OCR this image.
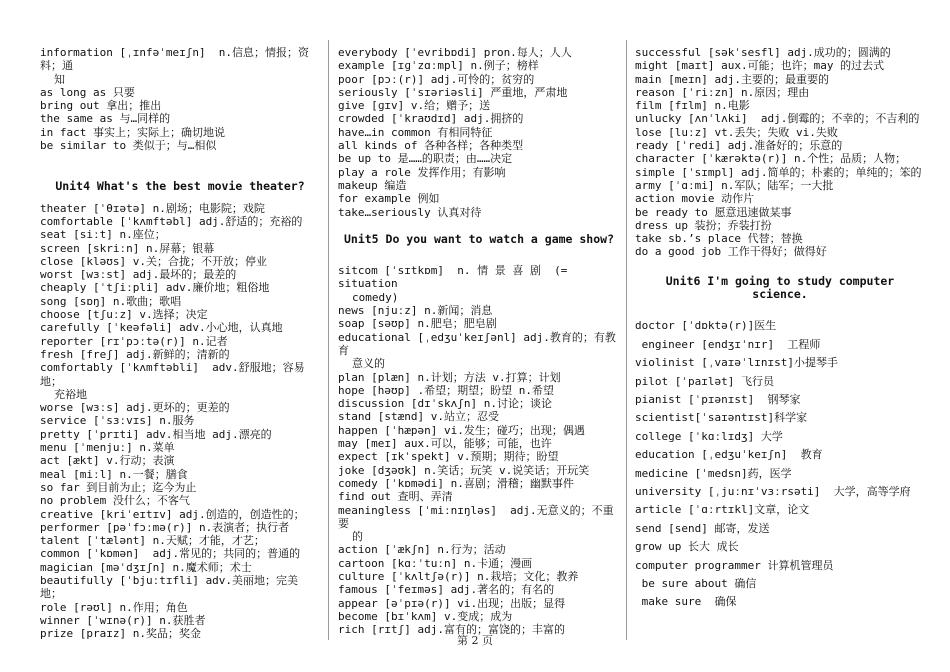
information [ˌɪnfəˈmeɪʃn]  n.信息；情报；资料；通
知
as long as 只要
bring out 拿出；推出
the same as 与…同样的
in fact 事实上；实际上；确切地说
be similar to 类似于；与…相似
Unit4 What's the best movie theater?
theater [ˈθɪətə] n.剧场；电影院；戏院
comfortable [ˈkʌmftəbl] adj.舒适的；充裕的
seat [siːt] n.座位；
screen [skriːn] n.屏幕；银幕
close [kləʊs] v.关；合拢；不开放；停业
worst [wɜːst] adj.最坏的；最差的
cheaply [ˈtʃiːpli] adv.廉价地；粗俗地
song [sɒŋ] n.歌曲；歌唱
choose [tʃuːz] v.选择；决定
carefully [ˈkeəfəli] adv.小心地，认真地
reporter [rɪˈpɔːtə(r)] n.记者
fresh [freʃ] adj.新鲜的；清新的
comfortably [ˈkʌmftəbli]  adv.舒服地；容易地；
充裕地
worse [wɜːs] adj.更坏的；更差的
service [ˈsɜːvɪs] n.服务
pretty [ˈprɪti] adv.相当地 adj.漂亮的
menu [ˈmenjuː] n.菜单
act [ækt] v.行动；表演
meal [miːl] n.一餐；膳食
so far 到目前为止；迄今为止
no problem 没什么；不客气
creative [kriˈeɪtɪv] adj.创造的，创造性的；
performer [pəˈfɔːmə(r)] n.表演者；执行者
talent [ˈtælənt] n.天赋；才能，才艺；
common [ˈkɒmən]  adj.常见的；共同的；普通的
magician [məˈdʒɪʃn] n.魔术师；术士
beautifully [ˈbjuːtɪfli] adv.美丽地；完美地；
role [rəʊl] n.作用；角色
winner [ˈwɪnə(r)] n.获胜者
prize [praɪz] n.奖品；奖金
everybody [ˈevribɒdi] pron.每人；人人
example [ɪɡˈzɑːmpl] n.例子；榜样
poor [pɔː(r)] adj.可怜的；贫穷的
seriously [ˈsɪəriəsli] 严重地，严肃地
give [ɡɪv] v.给；赠予；送
crowded [ˈkraʊdɪd] adj.拥挤的
have…in common 有相同特征
all kinds of 各种各样；各种类型
be up to 是……的职责；由……决定
play a role 发挥作用；有影响
makeup 编造
for example 例如
take…seriously 认真对待
Unit5 Do you want to watch a game show?
sitcom [ˈsɪtkɒm]  n. 情 景 喜 剧  (= situation
comedy)
news [njuːz] n.新闻；消息
soap [səʊp] n.肥皂；肥皂剧
educational [ˌedʒuˈkeɪʃənl] adj.教育的；有教育
意义的
plan [plæn] n.计划；方法 v.打算；计划
hope [həʊp] .希望；期望；盼望 n.希望
discussion [dɪˈskʌʃn] n.讨论；谈论
stand [stænd] v.站立；忍受
happen [ˈhæpən] vi.发生；碰巧；出现；偶遇
may [meɪ] aux.可以，能够；可能，也许
expect [ɪkˈspekt] v.预期；期待；盼望
joke [dʒəʊk] n.笑话；玩笑 v.说笑话；开玩笑
comedy [ˈkɒmədi] n.喜剧；滑稽；幽默事件
find out 查明、弄清
meaningless [ˈmiːnɪŋləs]  adj.无意义的；不重要
的
action [ˈækʃn] n.行为；活动
cartoon [kɑːˈtuːn] n.卡通；漫画
culture [ˈkʌltʃə(r)] n.栽培；文化；教养
famous [ˈfeɪməs] adj.著名的；有名的
appear [əˈpɪə(r)] vi.出现；出版；显得
become [bɪˈkʌm] v.变成；成为
rich [rɪtʃ] adj.富有的；富饶的；丰富的
successful [səkˈsesfl] adj.成功的；圆满的
might [maɪt] aux.可能；也许；may 的过去式
main [meɪn] adj.主要的；最重要的
reason [ˈriːzn] n.原因；理由
film [fɪlm] n.电影
unlucky [ʌnˈlʌki]  adj.倒霉的；不幸的；不吉利的
lose [luːz] vt.丢失；失败 vi.失败
ready [ˈredi] adj.准备好的；乐意的
character [ˈkærəktə(r)] n.个性；品质；人物；
simple [ˈsɪmpl] adj.简单的；朴素的；单纯的；笨的
army [ˈɑːmi] n.军队；陆军；一大批
action movie 动作片
be ready to 愿意迅速做某事
dress up 装扮；乔装打扮
take sb.’s place 代替；替换
do a good job 工作干得好；做得好
Unit6 I'm going to study computer science.
doctor [ˈdɒktə(r)]医生
engineer [endʒɪˈnɪr]  工程师
violinist [ˌvaɪəˈlɪnɪst]小提琴手
pilot [ˈpaɪlət] 飞行员
pianist [ˈpɪənɪst]  钢琴家
scientist[ˈsaɪəntɪst]科学家
college [ˈkɑːlɪdʒ] 大学
education [ˌedʒuˈkeɪʃn]  教育
medicine [ˈmedsn]药，医学
university [ˌjuːnɪˈvɜːrsəti]  大学，高等学府
article [ˈɑːrtɪkl]文章，论文
send [send] 邮寄，发送
grow up 长大 成长
computer programmer 计算机管理员
be sure about 确信
make sure  确保
第 2 页
